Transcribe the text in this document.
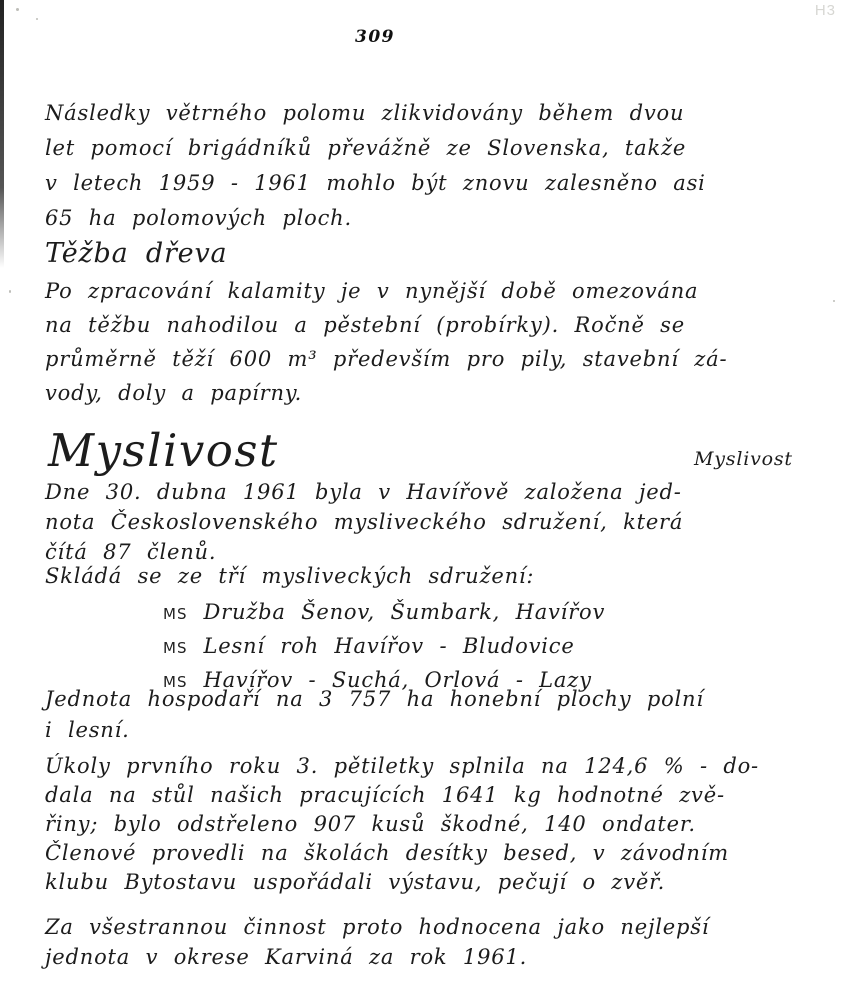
309
H3
Následky větrného polomu zlikvidovány během dvou
let pomocí brigádníků převážně ze Slovenska, takže
v letech 1959 - 1961 mohlo být znovu zalesněno asi
65 ha polomových ploch.
Těžba dřeva
Po zpracování kalamity je v nynější době omezována
na těžbu nahodilou a pěstební (probírky). Ročně se
průměrně těží 600 m³ především pro pily, stavební zá-
vody, doly a papírny.
Myslivost	Myslivost
Dne 30. dubna 1961 byla v Havířově založena jed-
nota Československého mysliveckého sdružení, která
čítá 87 členů.
Skládá se ze tří mysliveckých sdružení:
MS Družba Šenov, Šumbark, Havířov
MS Lesní roh Havířov - Bludovice
MS Havířov - Suchá, Orlová - Lazy
Jednota hospodaří na 3 757 ha honební plochy polní
i lesní.
Úkoly prvního roku 3. pětiletky splnila na 124,6 % - do-
dala na stůl našich pracujících 1641 kg hodnotné zvě-
řiny; bylo odstřeleno 907 kusů škodné, 140 ondater.
Členové provedli na školách desítky besed, v závodním
klubu Bytostavu uspořádali výstavu, pečují o zvěř.
Za všestrannou činnost proto hodnocena jako nejlepší
jednota v okrese Karviná za rok 1961.
